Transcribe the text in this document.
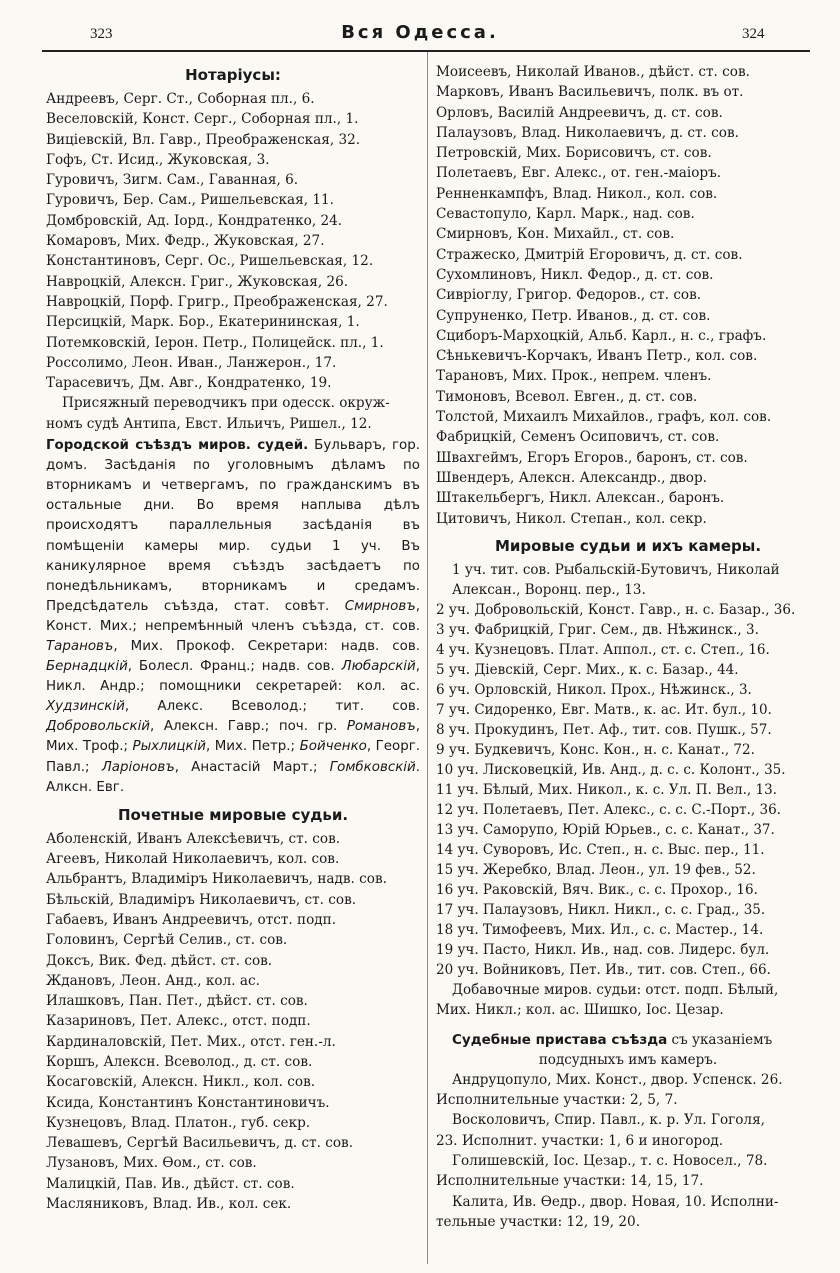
323	Вся Одесса.	324
Нотаріусы:

Андреевъ, Серг. Ст., Соборная пл., 6.

Веселовскій, Конст. Серг., Соборная пл., 1.

Виціевскій, Вл. Гавр., Преображенская, 32.

Гофъ, Ст. Исид., Жуковская, 3.

Гуровичъ, Зигм. Сам., Гаванная, 6.

Гуровичъ, Бер. Сам., Ришельевская, 11.

Домбровскій, Ад. Іорд., Кондратенко, 24.

Комаровъ, Мих. Федр., Жуковская, 27.

Константиновъ, Серг. Ос., Ришельевская, 12.

Навроцкій, Алексн. Григ., Жуковская, 26.

Навроцкій, Порф. Григр., Преображенская, 27.

Персицкій, Марк. Бор., Екатерининская, 1.

Потемковскій, Іерон. Петр., Полицейск. пл., 1.

Россолимо, Леон. Иван., Ланжерон., 17.

Тарасевичъ, Дм. Авг., Кондратенко, 19.

Присяжный переводчикъ при одесск. окруж-

номъ судѣ Антипа, Евст. Ильичъ, Ришел., 12.

Городской съѣздъ миров. судей. Бульваръ, гор. домъ. Засѣданія по уголовнымъ дѣламъ по вторникамъ и четвергамъ, по гражданскимъ въ остальные дни. Во время наплыва дѣлъ происходятъ параллельныя засѣданія въ помѣщеніи камеры мир. судьи 1 уч. Въ каникулярное время съѣздъ засѣдаетъ по понедѣльникамъ, вторникамъ и средамъ. Предсѣдатель съѣзда, стат. совѣт. Смирновъ, Конст. Мих.; непремѣнный членъ съѣзда, ст. сов. Тарановъ, Мих. Прокоф. Секретари: надв. сов. Бернадцкій, Болесл. Франц.; надв. сов. Любарскій, Никл. Андр.; помощники секретарей: кол. ас. Худзинскій, Алекс. Всеволод.; тит. сов. Добровольскій, Алексн. Гавр.; поч. гр. Романовъ, Мих. Троф.; Рыхлицкій, Мих. Петр.; Бойченко, Георг. Павл.; Ларіоновъ, Анастасій Март.; Гомбковскій. Алксн. Евг.
Почетные мировые судьи.

Аболенскій, Иванъ Алексѣевичъ, ст. сов.

Агеевъ, Николай Николаевичъ, кол. сов.

Альбрантъ, Владиміръ Николаевичъ, надв. сов.

Бѣльскій, Владиміръ Николаевичъ, ст. сов.

Габаевъ, Иванъ Андреевичъ, отст. подп.

Головинъ, Сергѣй Селив., ст. сов.

Доксъ, Вик. Фед. дѣйст. ст. сов.

Ждановъ, Леон. Анд., кол. ас.

Илашковъ, Пан. Пет., дѣйст. ст. сов.

Казариновъ, Пет. Алекс., отст. подп.

Кардиналовскій, Пет. Мих., отст. ген.-л.

Коршъ, Алексн. Всеволод., д. ст. сов.

Косаговскій, Алексн. Никл., кол. сов.

Ксида, Константинъ Константиновичъ.

Кузнецовъ, Влад. Платон., губ. секр.

Левашевъ, Сергѣй Васильевичъ, д. ст. сов.

Лузановъ, Мих. Ѳом., ст. сов.

Малицкій, Пав. Ив., дѣйст. ст. сов.

Масляниковъ, Влад. Ив., кол. сек.

Моисеевъ, Николай Иванов., дѣйст. ст. сов.

Марковъ, Иванъ Васильевичъ, полк. въ от.

Орловъ, Василій Андреевичъ, д. ст. сов.

Палаузовъ, Влад. Николаевичъ, д. ст. сов.

Петровскій, Мих. Борисовичъ, ст. сов.

Полетаевъ, Евг. Алекс., от. ген.-маіоръ.

Ренненкампфъ, Влад. Никол., кол. сов.

Севастопуло, Карл. Марк., над. сов.

Смирновъ, Кон. Михайл., ст. сов.

Стражеско, Дмитрій Егоровичъ, д. ст. сов.

Сухомлиновъ, Никл. Федор., д. ст. сов.

Сивріоглу, Григор. Федоров., ст. сов.

Супруненко, Петр. Иванов., д. ст. сов.

Сциборъ-Мархоцкій, Альб. Карл., н. с., графъ.

Сѣнькевичъ-Корчакъ, Иванъ Петр., кол. сов.

Тарановъ, Мих. Прок., непрем. членъ.

Тимоновъ, Всевол. Евген., д. ст. сов.

Толстой, Михаилъ Михайлов., графъ, кол. сов.

Фабрицкій, Семенъ Осиповичъ, ст. сов.

Швахгеймъ, Егоръ Егоров., баронъ, ст. сов.

Швендеръ, Алексн. Александр., двор.

Штакельбергъ, Никл. Алексан., баронъ.

Цитовичъ, Никол. Степан., кол. секр.

Мировые судьи и ихъ камеры.

1 уч. тит. сов. Рыбальскій-Бутовичъ, Николай

Алексан., Воронц. пер., 13.

2 уч. Добровольскій, Конст. Гавр., н. с. Базар., 36.

3 уч. Фабрицкій, Григ. Сем., дв. Нѣжинск., 3.

4 уч. Кузнецовъ. Плат. Аппол., ст. с. Степ., 16.

5 уч. Діевскій, Серг. Мих., к. с. Базар., 44.

6 уч. Орловскій, Никол. Прох., Нѣжинск., 3.

7 уч. Сидоренко, Евг. Матв., к. ас. Ит. бул., 10.

8 уч. Прокудинъ, Пет. Аф., тит. сов. Пушк., 57.

9 уч. Будкевичъ, Конс. Кон., н. с. Канат., 72.

10 уч. Лисковецкій, Ив. Анд., д. с. с. Колонт., 35.

11 уч. Бѣлый, Мих. Никол., к. с. Ул. П. Вел., 13.

12 уч. Полетаевъ, Пет. Алекс., с. с. С.-Порт., 36.

13 уч. Саморупо, Юрій Юрьев., с. с. Канат., 37.

14 уч. Суворовъ, Ис. Степ., н. с. Выс. пер., 11.

15 уч. Жеребко, Влад. Леон., ул. 19 фев., 52.

16 уч. Раковскій, Вяч. Вик., с. с. Прохор., 16.

17 уч. Палаузовъ, Никл. Никл., с. с. Град., 35.

18 уч. Тимофеевъ, Мих. Ил., с. с. Мастер., 14.

19 уч. Пасто, Никл. Ив., над. сов. Лидерс. бул.

20 уч. Войниковъ, Пет. Ив., тит. сов. Степ., 66.

Добавочные миров. судьи: отст. подп. Бѣлый,

Мих. Никл.; кол. ас. Шишко, Іос. Цезар.

Судебные пристава съѣзда съ указаніемъ

подсудныхъ имъ камеръ.

Андруцопуло, Мих. Конст., двор. Успенск. 26.

Исполнительные участки: 2, 5, 7.

Восколовичъ, Спир. Павл., к. р. Ул. Гоголя,

23. Исполнит. участки: 1, 6 и иногород.

Голишевскій, Іос. Цезар., т. с. Новосел., 78.

Исполнительные участки: 14, 15, 17.

Калита, Ив. Ѳедр., двор. Новая, 10. Исполни-

тельные участки: 12, 19, 20.
